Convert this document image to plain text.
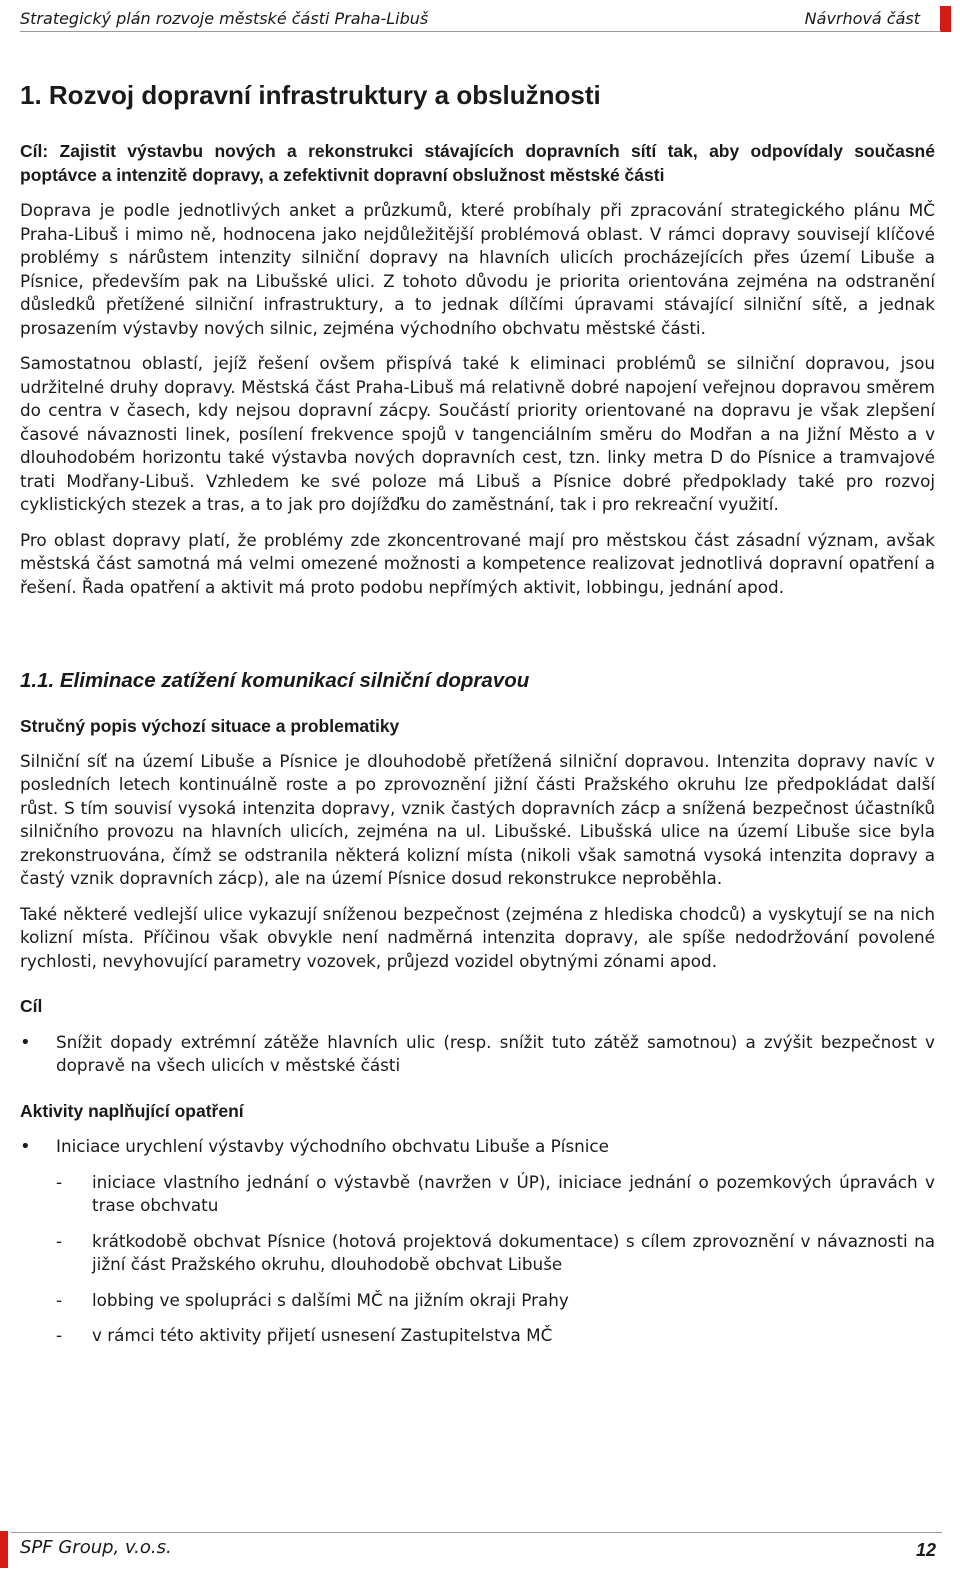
Strategický plán rozvoje městské části Praha-Libuš	Návrhová část
1. Rozvoj dopravní infrastruktury a obslužnosti

Cíl: Zajistit výstavbu nových a rekonstrukci stávajících dopravních sítí tak, aby odpovídaly současné poptávce a intenzitě dopravy, a zefektivnit dopravní obslužnost městské části

Doprava je podle jednotlivých anket a průzkumů, které probíhaly při zpracování strategického plánu MČ Praha-Libuš i mimo ně, hodnocena jako nejdůležitější problémová oblast. V rámci dopravy souvisejí klíčové problémy s nárůstem intenzity silniční dopravy na hlavních ulicích procházejících přes území Libuše a Písnice, především pak na Libušské ulici. Z tohoto důvodu je priorita orientována zejména na odstranění důsledků přetížené silniční infrastruktury, a to jednak dílčími úpravami stávající silniční sítě, a jednak prosazením výstavby nových silnic, zejména východního obchvatu městské části.

Samostatnou oblastí, jejíž řešení ovšem přispívá také k eliminaci problémů se silniční dopravou, jsou udržitelné druhy dopravy. Městská část Praha-Libuš má relativně dobré napojení veřejnou dopravou směrem do centra v časech, kdy nejsou dopravní zácpy. Součástí priority orientované na dopravu je však zlepšení časové návaznosti linek, posílení frekvence spojů v tangenciálním směru do Modřan a na Jižní Město a v dlouhodobém horizontu také výstavba nových dopravních cest, tzn. linky metra D do Písnice a tramvajové trati Modřany-Libuš. Vzhledem ke své poloze má Libuš a Písnice dobré předpoklady také pro rozvoj cyklistických stezek a tras, a to jak pro dojížďku do zaměstnání, tak i pro rekreační využití.

Pro oblast dopravy platí, že problémy zde zkoncentrované mají pro městskou část zásadní význam, avšak městská část samotná má velmi omezené možnosti a kompetence realizovat jednotlivá dopravní opatření a řešení. Řada opatření a aktivit má proto podobu nepřímých aktivit, lobbingu, jednání apod.

1.1. Eliminace zatížení komunikací silniční dopravou
Stručný popis výchozí situace a problematiky

Silniční síť na území Libuše a Písnice je dlouhodobě přetížená silniční dopravou. Intenzita dopravy navíc v posledních letech kontinuálně roste a po zprovoznění jižní části Pražského okruhu lze předpokládat další růst. S tím souvisí vysoká intenzita dopravy, vznik častých dopravních zácp a snížená bezpečnost účastníků silničního provozu na hlavních ulicích, zejména na ul. Libušské. Libušská ulice na území Libuše sice byla zrekonstruována, čímž se odstranila některá kolizní místa (nikoli však samotná vysoká intenzita dopravy a častý vznik dopravních zácp), ale na území Písnice dosud rekonstrukce neproběhla.

Také některé vedlejší ulice vykazují sníženou bezpečnost (zejména z hlediska chodců) a vyskytují se na nich kolizní místa. Příčinou však obvykle není nadměrná intenzita dopravy, ale spíše nedodržování povolené rychlosti, nevyhovující parametry vozovek, průjezd vozidel obytnými zónami apod.

Cíl
• Snížit dopady extrémní zátěže hlavních ulic (resp. snížit tuto zátěž samotnou) a zvýšit bezpečnost v dopravě na všech ulicích v městské části
Aktivity naplňující opatření
• Iniciace urychlení výstavby východního obchvatu Libuše a Písnice
- iniciace vlastního jednání o výstavbě (navržen v ÚP), iniciace jednání o pozemkových úpravách v trase obchvatu
- krátkodobě obchvat Písnice (hotová projektová dokumentace) s cílem zprovoznění v návaznosti na jižní část Pražského okruhu, dlouhodobě obchvat Libuše
- lobbing ve spolupráci s dalšími MČ na jižním okraji Prahy
- v rámci této aktivity přijetí usnesení Zastupitelstva MČ
SPF Group, v.o.s.	12
